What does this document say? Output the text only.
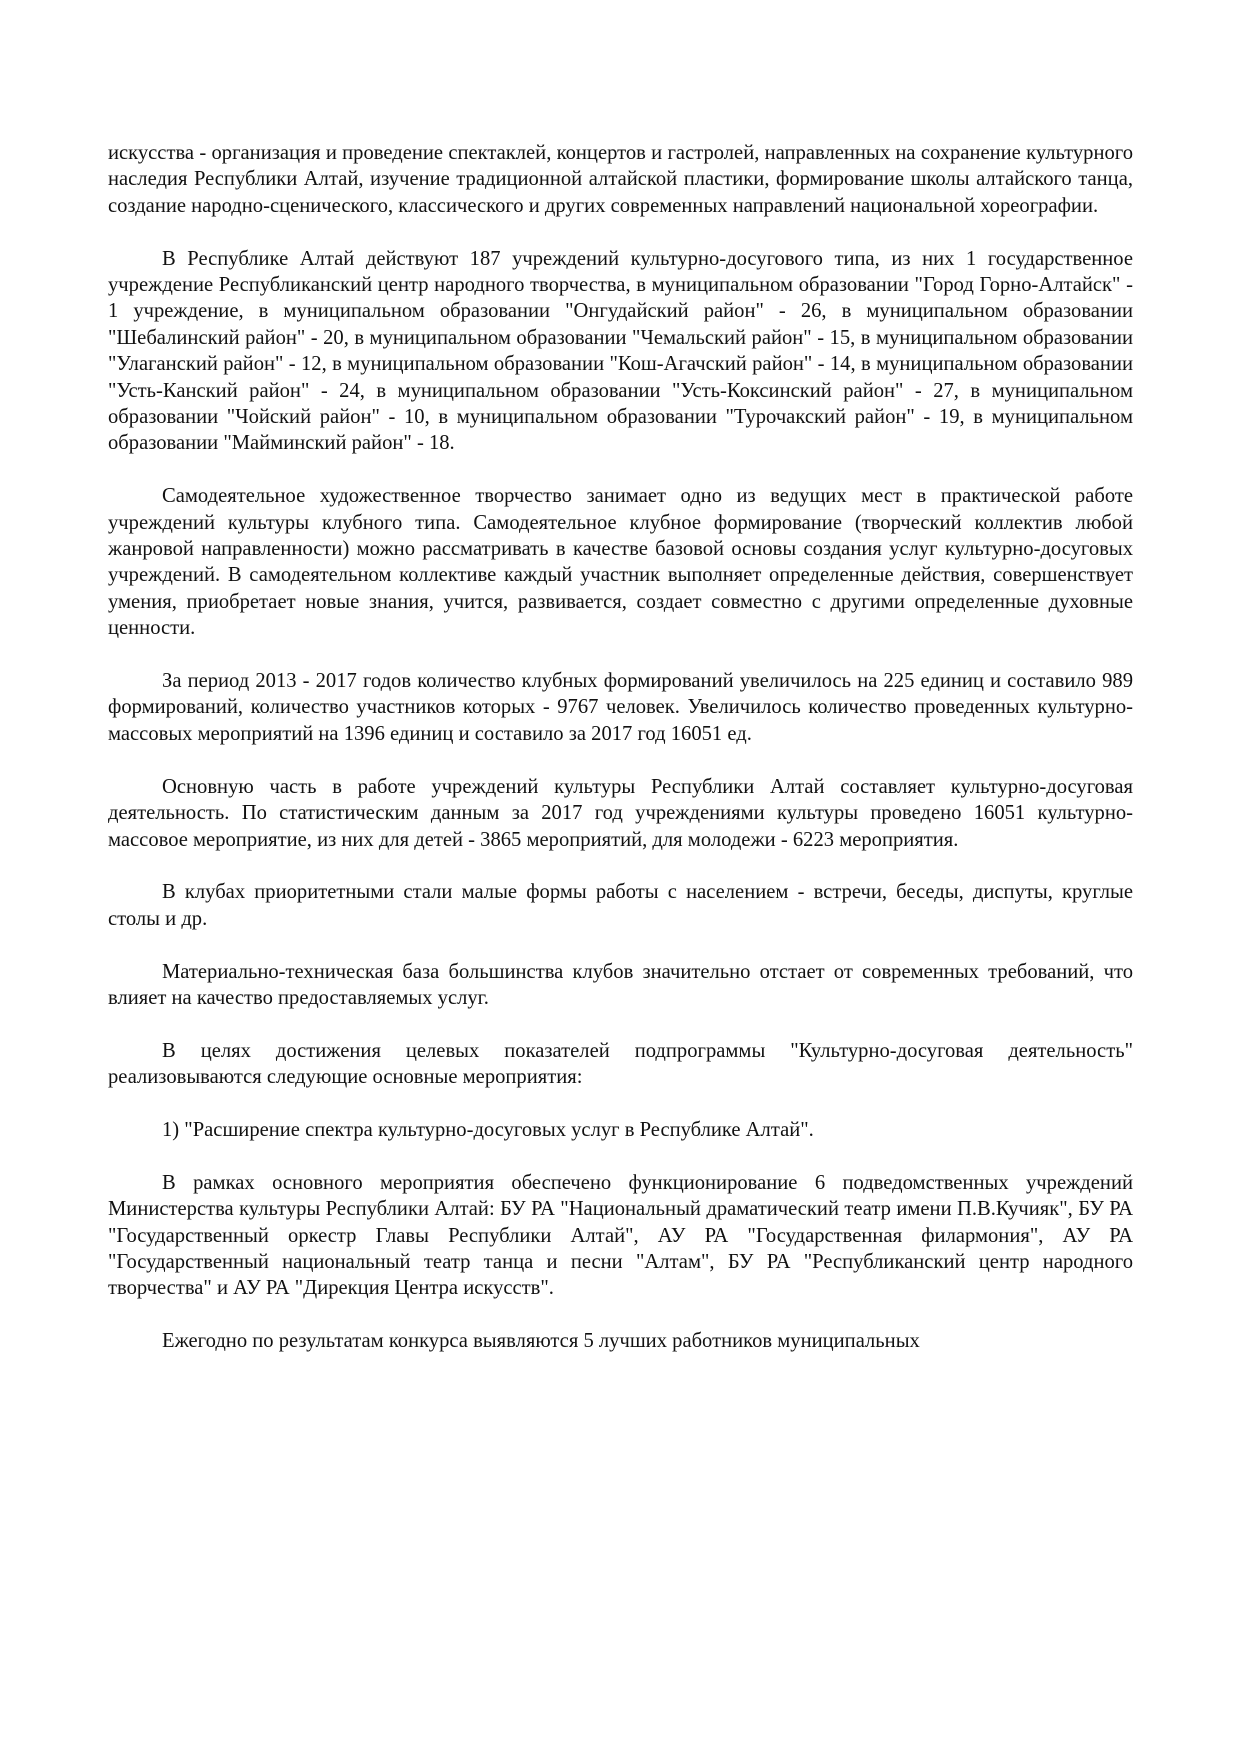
искусства - организация и проведение спектаклей, концертов и гастролей, направленных на сохранение культурного наследия Республики Алтай, изучение традиционной алтайской пластики, формирование школы алтайского танца, создание народно-сценического, классического и других современных направлений национальной хореографии.

В Республике Алтай действуют 187 учреждений культурно-досугового типа, из них 1 государственное учреждение Республиканский центр народного творчества, в муниципальном образовании "Город Горно-Алтайск" - 1 учреждение, в муниципальном образовании "Онгудайский район" - 26, в муниципальном образовании "Шебалинский район" - 20, в муниципальном образовании "Чемальский район" - 15, в муниципальном образовании "Улаганский район" - 12, в муниципальном образовании "Кош-Агачский район" - 14, в муниципальном образовании "Усть-Канский район" - 24, в муниципальном образовании "Усть-Коксинский район" - 27, в муниципальном образовании "Чойский район" - 10, в муниципальном образовании "Турочакский район" - 19, в муниципальном образовании "Майминский район" - 18.

Самодеятельное художественное творчество занимает одно из ведущих мест в практической работе учреждений культуры клубного типа. Самодеятельное клубное формирование (творческий коллектив любой жанровой направленности) можно рассматривать в качестве базовой основы создания услуг культурно-досуговых учреждений. В самодеятельном коллективе каждый участник выполняет определенные действия, совершенствует умения, приобретает новые знания, учится, развивается, создает совместно с другими определенные духовные ценности.

За период 2013 - 2017 годов количество клубных формирований увеличилось на 225 единиц и составило 989 формирований, количество участников которых - 9767 человек. Увеличилось количество проведенных культурно-массовых мероприятий на 1396 единиц и составило за 2017 год 16051 ед.

Основную часть в работе учреждений культуры Республики Алтай составляет культурно-досуговая деятельность. По статистическим данным за 2017 год учреждениями культуры проведено 16051 культурно-массовое мероприятие, из них для детей - 3865 мероприятий, для молодежи - 6223 мероприятия.

В клубах приоритетными стали малые формы работы с населением - встречи, беседы, диспуты, круглые столы и др.

Материально-техническая база большинства клубов значительно отстает от современных требований, что влияет на качество предоставляемых услуг.

В целях достижения целевых показателей подпрограммы "Культурно-досуговая деятельность" реализовываются следующие основные мероприятия:

1) "Расширение спектра культурно-досуговых услуг в Республике Алтай".

В рамках основного мероприятия обеспечено функционирование 6 подведомственных учреждений Министерства культуры Республики Алтай: БУ РА "Национальный драматический театр имени П.В.Кучияк", БУ РА "Государственный оркестр Главы Республики Алтай", АУ РА "Государственная филармония", АУ РА "Государственный национальный театр танца и песни "Алтам", БУ РА "Республиканский центр народного творчества" и АУ РА "Дирекция Центра искусств".

Ежегодно по результатам конкурса выявляются 5 лучших работников муниципальных
